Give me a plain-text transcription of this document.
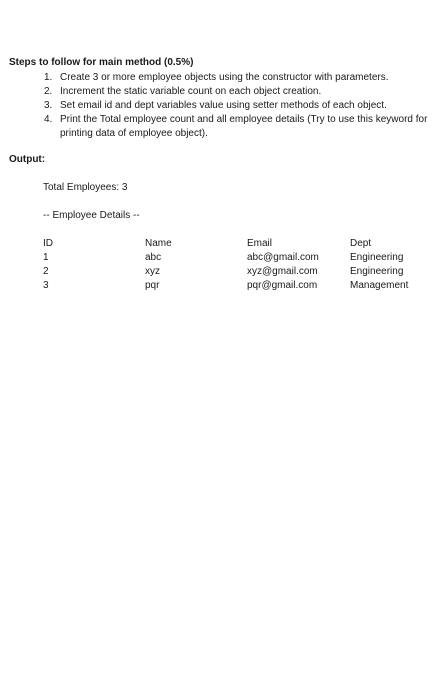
Steps to follow for main method (0.5%)
1. Create 3 or more employee objects using the constructor with parameters.
2. Increment the static variable count on each object creation.
3. Set email id and dept variables value using setter methods of each object.
4. Print the Total employee count and all employee details (Try to use this keyword for
printing data of employee object).
Output:
Total Employees: 3
-- Employee Details --
ID	Name	Email	Dept
1	abc	abc@gmail.com	Engineering
2	xyz	xyz@gmail.com	Engineering
3	pqr	pqr@gmail.com	Management
